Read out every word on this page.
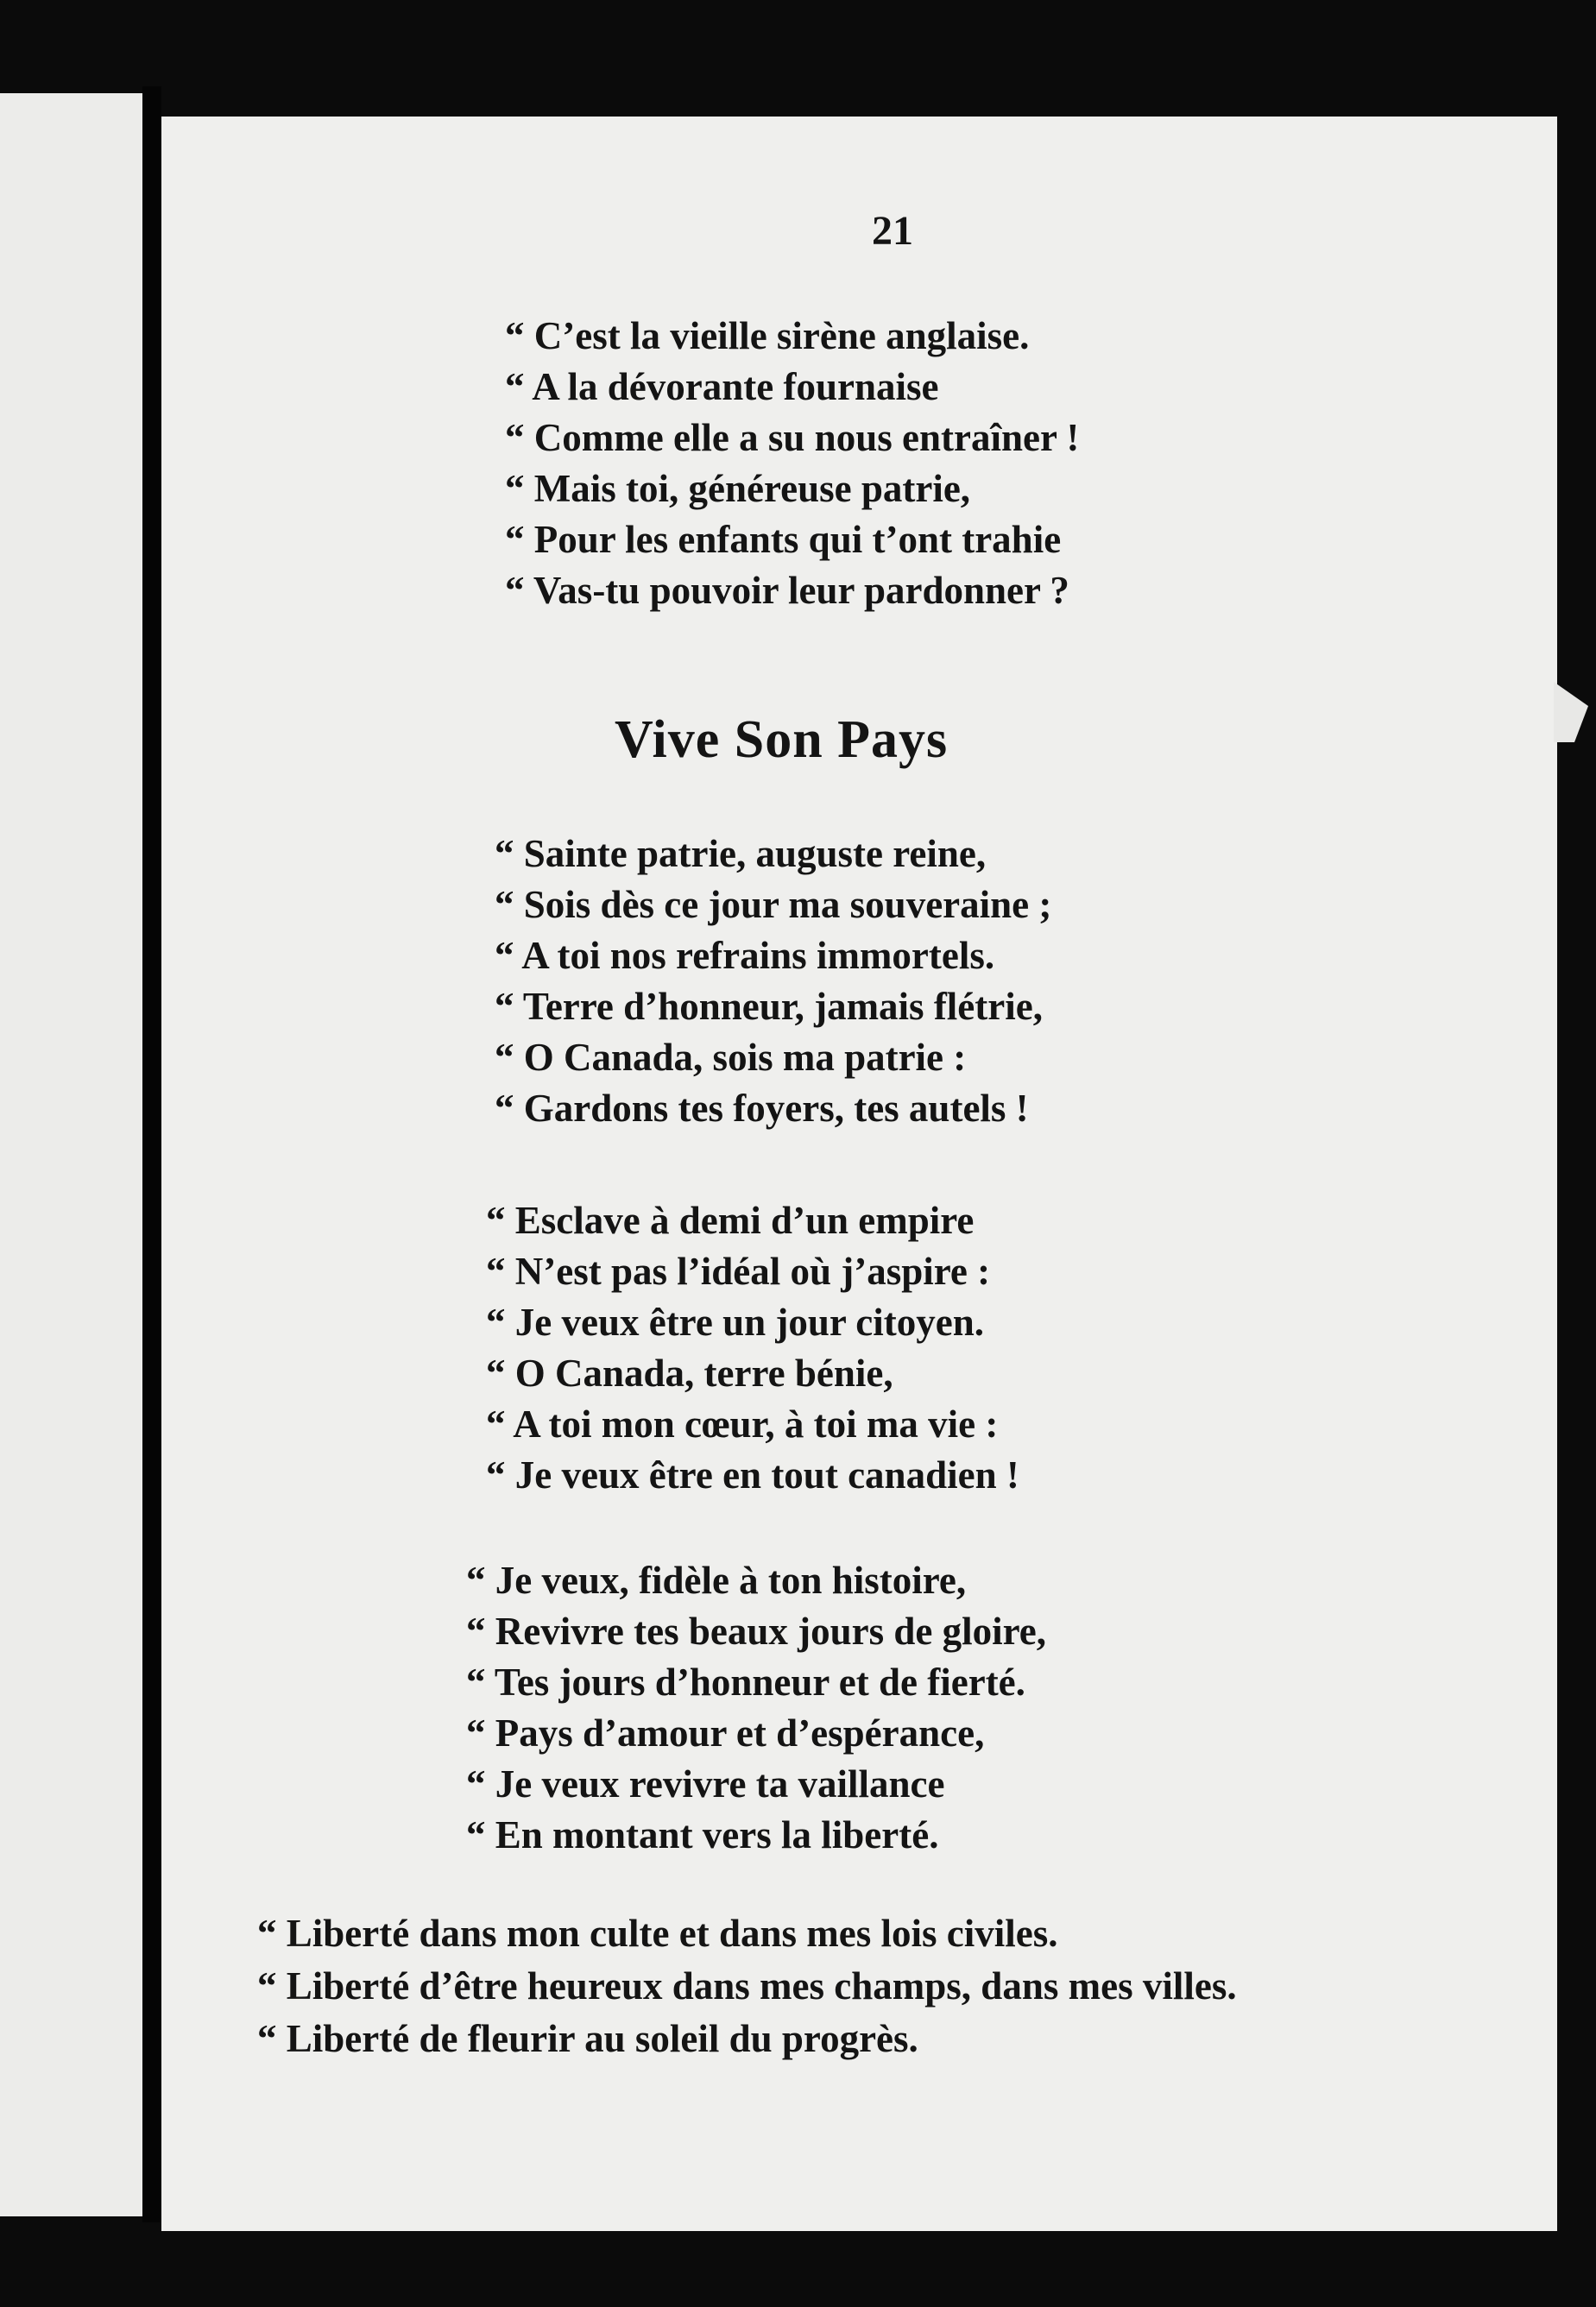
21
“ C’est la vieille sirène anglaise.
“ A la dévorante fournaise
“ Comme elle a su nous entraîner !
“ Mais toi, généreuse patrie,
“ Pour les enfants qui t’ont trahie
“ Vas-tu pouvoir leur pardonner ?
Vive Son Pays
“ Sainte patrie, auguste reine,
“ Sois dès ce jour ma souveraine ;
“ A toi nos refrains immortels.
“ Terre d’honneur, jamais flétrie,
“ O Canada, sois ma patrie :
“ Gardons tes foyers, tes autels !
“ Esclave à demi d’un empire
“ N’est pas l’idéal où j’aspire :
“ Je veux être un jour citoyen.
“ O Canada, terre bénie,
“ A toi mon cœur, à toi ma vie :
“ Je veux être en tout canadien !
“ Je veux, fidèle à ton histoire,
“ Revivre tes beaux jours de gloire,
“ Tes jours d’honneur et de fierté.
“ Pays d’amour et d’espérance,
“ Je veux revivre ta vaillance
“ En montant vers la liberté.
“ Liberté dans mon culte et dans mes lois civiles.
“ Liberté d’être heureux dans mes champs, dans mes villes.
“ Liberté de fleurir au soleil du progrès.
